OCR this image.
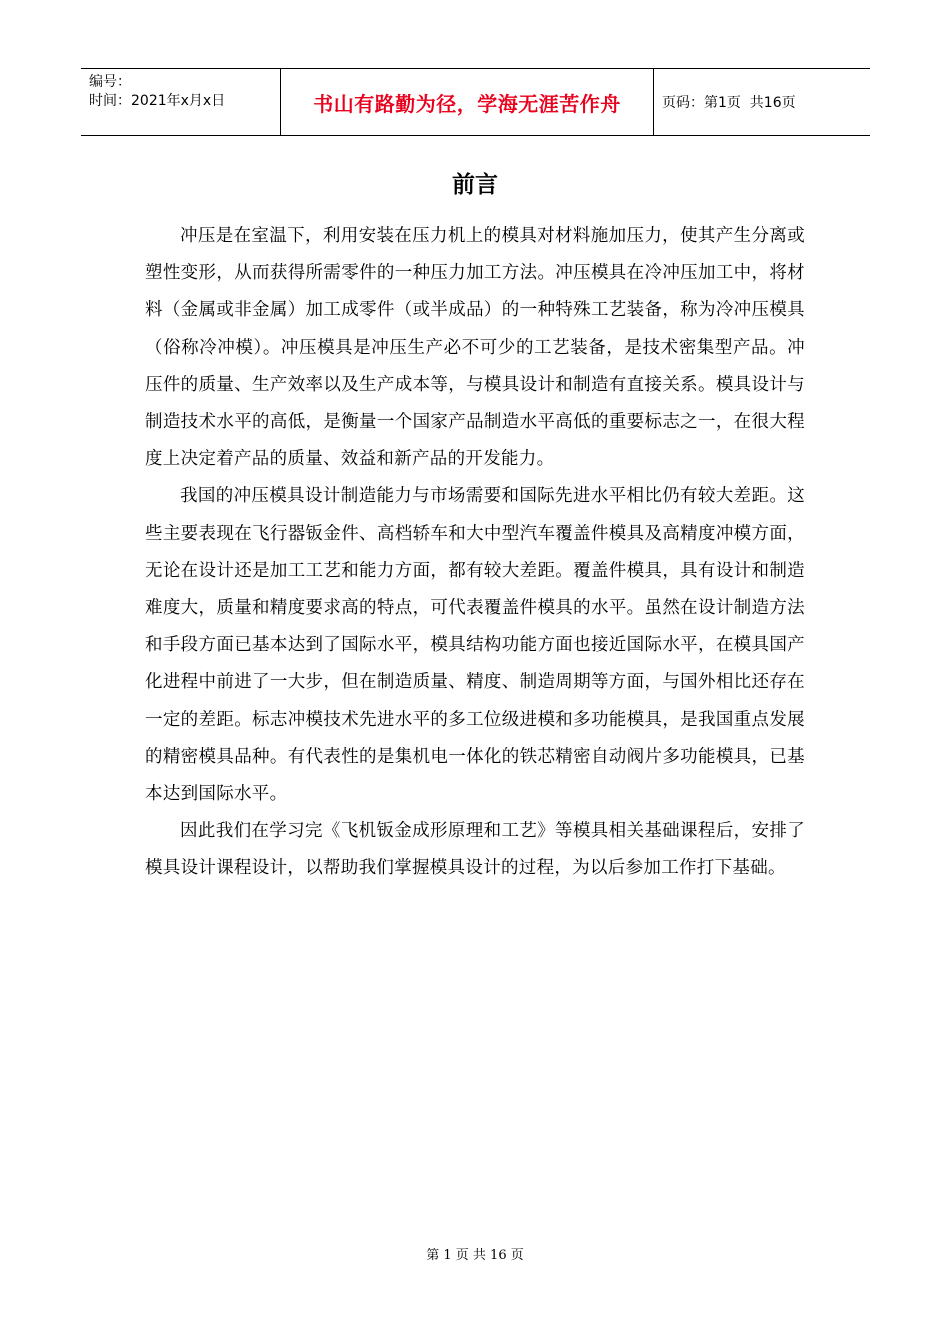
编号：
时间：2021年x月x日	书山有路勤为径，学海无涯苦作舟	页码：第1页  共16页
前言

冲压是在室温下，利用安装在压力机上的模具对材料施加压力，使其产生分离或塑性变形，从而获得所需零件的一种压力加工方法。冲压模具在冷冲压加工中，将材料（金属或非金属）加工成零件（或半成品）的一种特殊工艺装备，称为冷冲压模具（俗称冷冲模）。冲压模具是冲压生产必不可少的工艺装备，是技术密集型产品。冲压件的质量、生产效率以及生产成本等，与模具设计和制造有直接关系。模具设计与制造技术水平的高低，是衡量一个国家产品制造水平高低的重要标志之一，在很大程度上决定着产品的质量、效益和新产品的开发能力。

我国的冲压模具设计制造能力与市场需要和国际先进水平相比仍有较大差距。这些主要表现在飞行器钣金件、高档轿车和大中型汽车覆盖件模具及高精度冲模方面，无论在设计还是加工工艺和能力方面，都有较大差距。覆盖件模具，具有设计和制造难度大，质量和精度要求高的特点，可代表覆盖件模具的水平。虽然在设计制造方法和手段方面已基本达到了国际水平，模具结构功能方面也接近国际水平，在模具国产化进程中前进了一大步，但在制造质量、精度、制造周期等方面，与国外相比还存在一定的差距。标志冲模技术先进水平的多工位级进模和多功能模具，是我国重点发展的精密模具品种。有代表性的是集机电一体化的铁芯精密自动阀片多功能模具，已基本达到国际水平。

因此我们在学习完《飞机钣金成形原理和工艺》等模具相关基础课程后，安排了模具设计课程设计，以帮助我们掌握模具设计的过程，为以后参加工作打下基础。

第 1 页 共 16 页
